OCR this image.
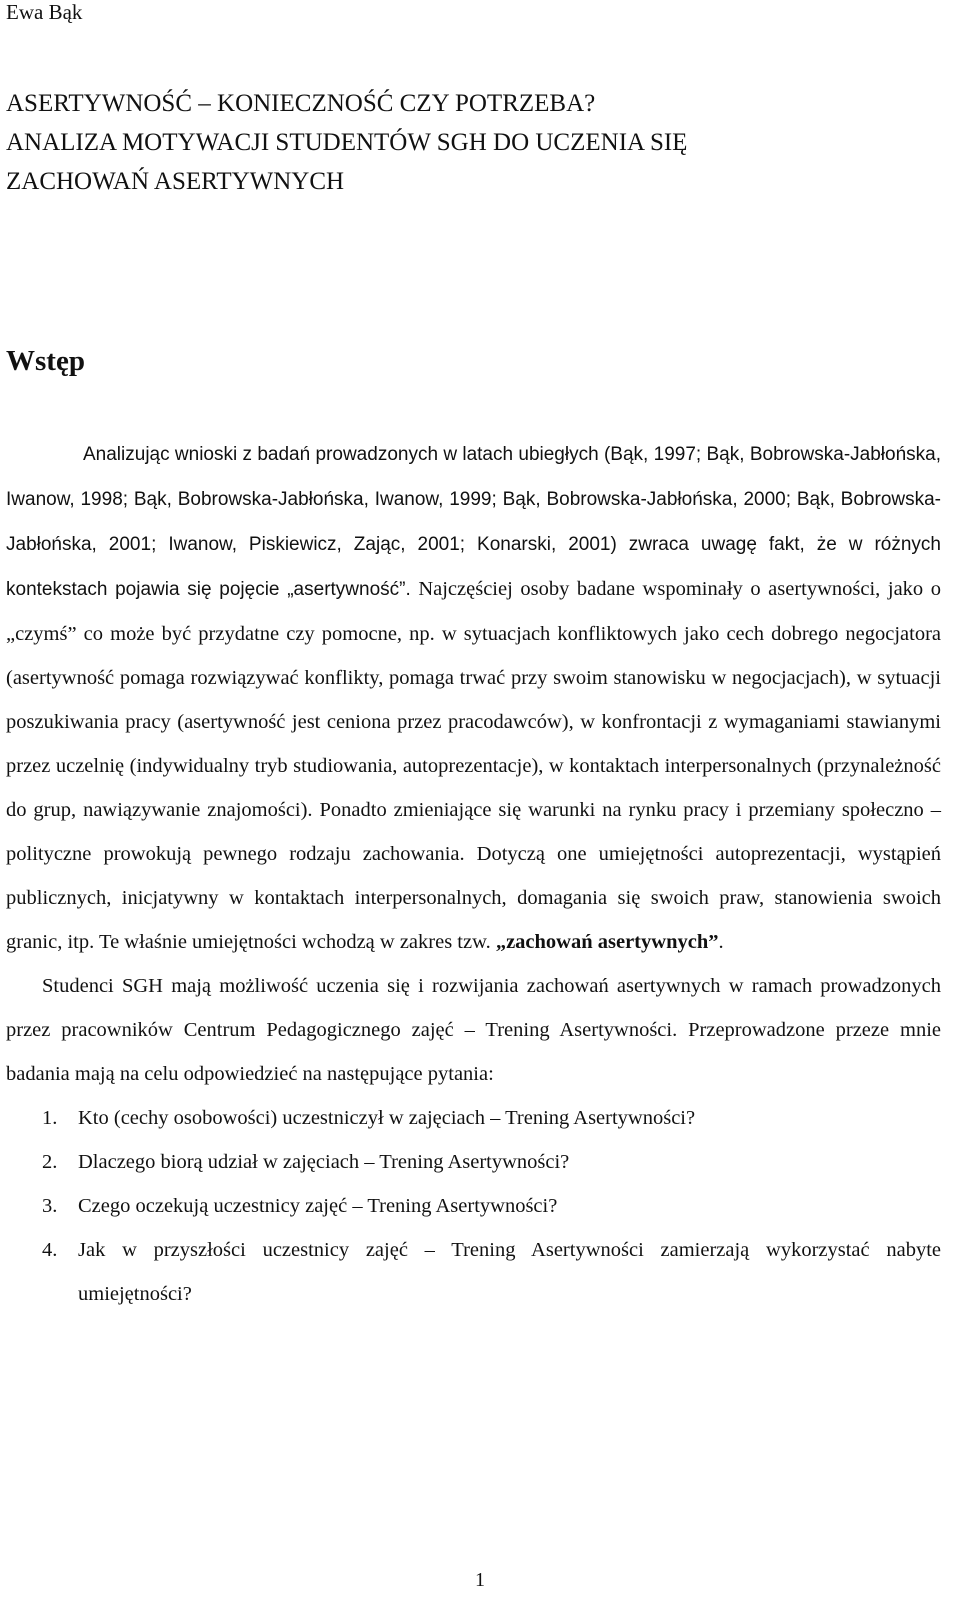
Ewa Bąk
ASERTYWNOŚĆ – KONIECZNOŚĆ CZY POTRZEBA?
ANALIZA MOTYWACJI STUDENTÓW SGH DO UCZENIA SIĘ
ZACHOWAŃ ASERTYWNYCH
Wstęp

Analizując wnioski z badań prowadzonych w latach ubiegłych (Bąk, 1997; Bąk, Bobrowska-Jabłońska, Iwanow, 1998; Bąk, Bobrowska-Jabłońska, Iwanow, 1999; Bąk, Bobrowska-Jabłońska, 2000; Bąk, Bobrowska-Jabłońska, 2001; Iwanow, Piskiewicz, Zając, 2001; Konarski, 2001) zwraca uwagę fakt, że w różnych kontekstach pojawia się pojęcie „asertywność”. Najczęściej osoby badane wspominały o asertywności, jako o „czymś” co może być przydatne czy pomocne, np. w sytuacjach konfliktowych jako cech dobrego negocjatora (asertywność pomaga rozwiązywać konflikty, pomaga trwać przy swoim stanowisku w negocjacjach), w sytuacji poszukiwania pracy (asertywność jest ceniona przez pracodawców), w konfrontacji z wymaganiami stawianymi przez uczelnię (indywidualny tryb studiowania, autoprezentacje), w kontaktach interpersonalnych (przynależność do grup, nawiązywanie znajomości). Ponadto zmieniające się warunki na rynku pracy i przemiany społeczno – polityczne prowokują pewnego rodzaju zachowania. Dotyczą one umiejętności autoprezentacji, wystąpień publicznych, inicjatywny w kontaktach interpersonalnych, domagania się swoich praw, stanowienia swoich granic, itp. Te właśnie umiejętności wchodzą w zakres tzw. „zachowań asertywnych”.

Studenci SGH mają możliwość uczenia się i rozwijania zachowań asertywnych w ramach prowadzonych przez pracowników Centrum Pedagogicznego zajęć – Trening Asertywności. Przeprowadzone przeze mnie badania mają na celu odpowiedzieć na następujące pytania:

1. Kto (cechy osobowości) uczestniczył w zajęciach – Trening Asertywności?
2. Dlaczego biorą udział w zajęciach – Trening Asertywności?
3. Czego oczekują uczestnicy zajęć – Trening Asertywności?
4. Jak w przyszłości uczestnicy zajęć – Trening Asertywności zamierzają wykorzystać nabyte umiejętności?
1
